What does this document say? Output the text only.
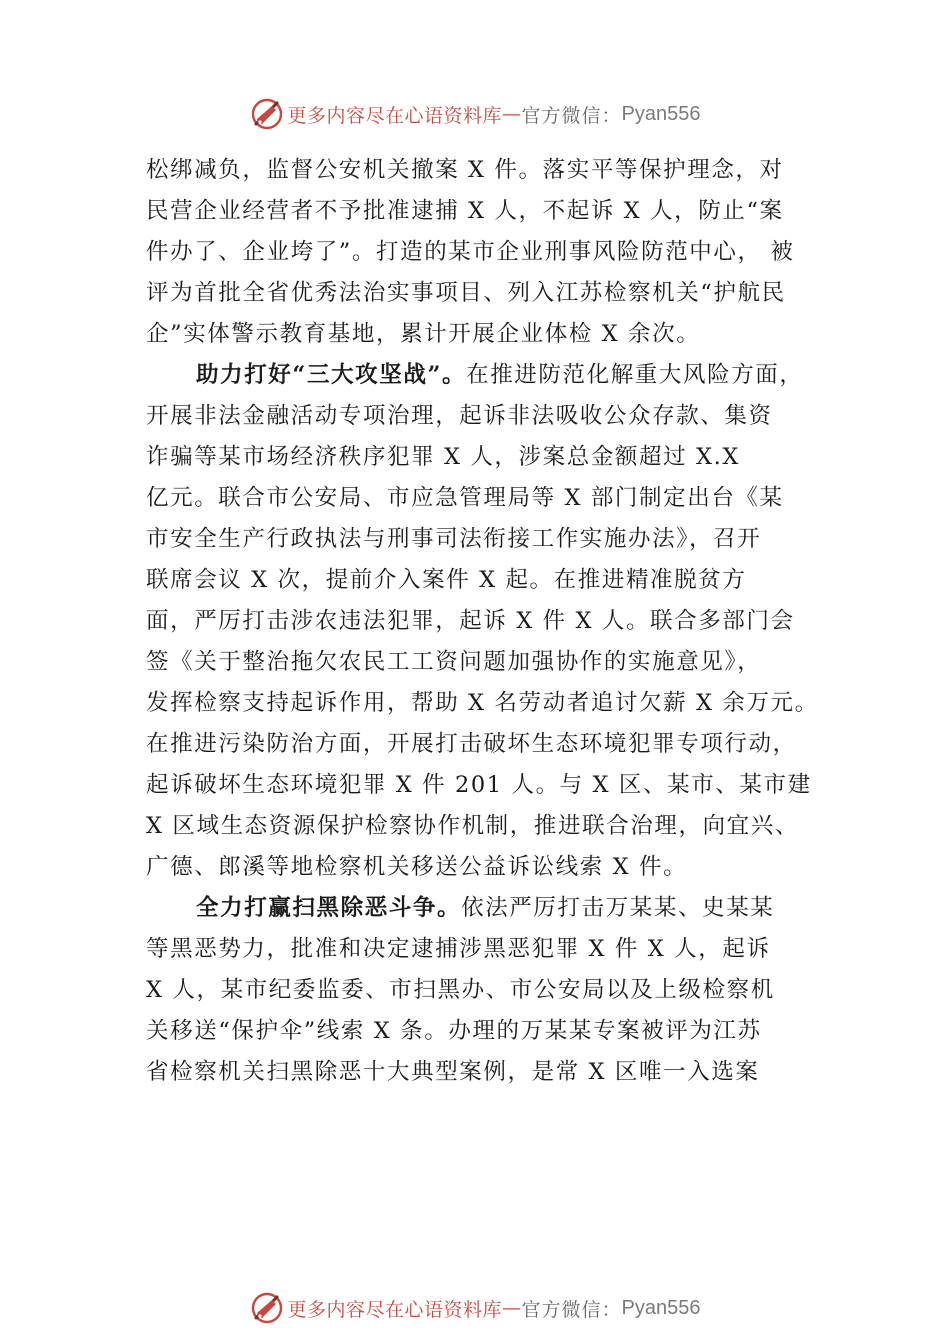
更多内容尽在心语资料库 — 官方微信： Pyan556
松绑减负，监督公安机关撤案 X 件。落实平等保护理念，对
民营企业经营者不予批准逮捕 X 人，不起诉 X 人，防止“案
件办了、企业垮了”。打造的某市企业刑事风险防范中心， 被
评为首批全省优秀法治实事项目、列入江苏检察机关“护航民
企”实体警示教育基地，累计开展企业体检 X 余次。
助力打好“三大攻坚战”。在推进防范化解重大风险方面，
开展非法金融活动专项治理，起诉非法吸收公众存款、集资
诈骗等某市场经济秩序犯罪 X 人，涉案总金额超过 X.X
亿元。联合市公安局、市应急管理局等 X 部门制定出台《某
市安全生产行政执法与刑事司法衔接工作实施办法》，召开
联席会议 X 次，提前介入案件 X 起。在推进精准脱贫方
面，严厉打击涉农违法犯罪，起诉 X 件 X 人。联合多部门会
签《关于整治拖欠农民工工资问题加强协作的实施意见》，
发挥检察支持起诉作用，帮助 X 名劳动者追讨欠薪 X 余万元。
在推进污染防治方面，开展打击破坏生态环境犯罪专项行动，
起诉破坏生态环境犯罪 X 件 201 人。与 X 区、某市、某市建
X 区域生态资源保护检察协作机制，推进联合治理，向宜兴、
广德、郎溪等地检察机关移送公益诉讼线索 X 件。
全力打赢扫黑除恶斗争。依法严厉打击万某某、史某某
等黑恶势力，批准和决定逮捕涉黑恶犯罪 X 件 X 人，起诉
X 人，某市纪委监委、市扫黑办、市公安局以及上级检察机
关移送“保护伞”线索 X 条。办理的万某某专案被评为江苏
省检察机关扫黑除恶十大典型案例，是常 X 区唯一入选案
更多内容尽在心语资料库 — 官方微信： Pyan556
